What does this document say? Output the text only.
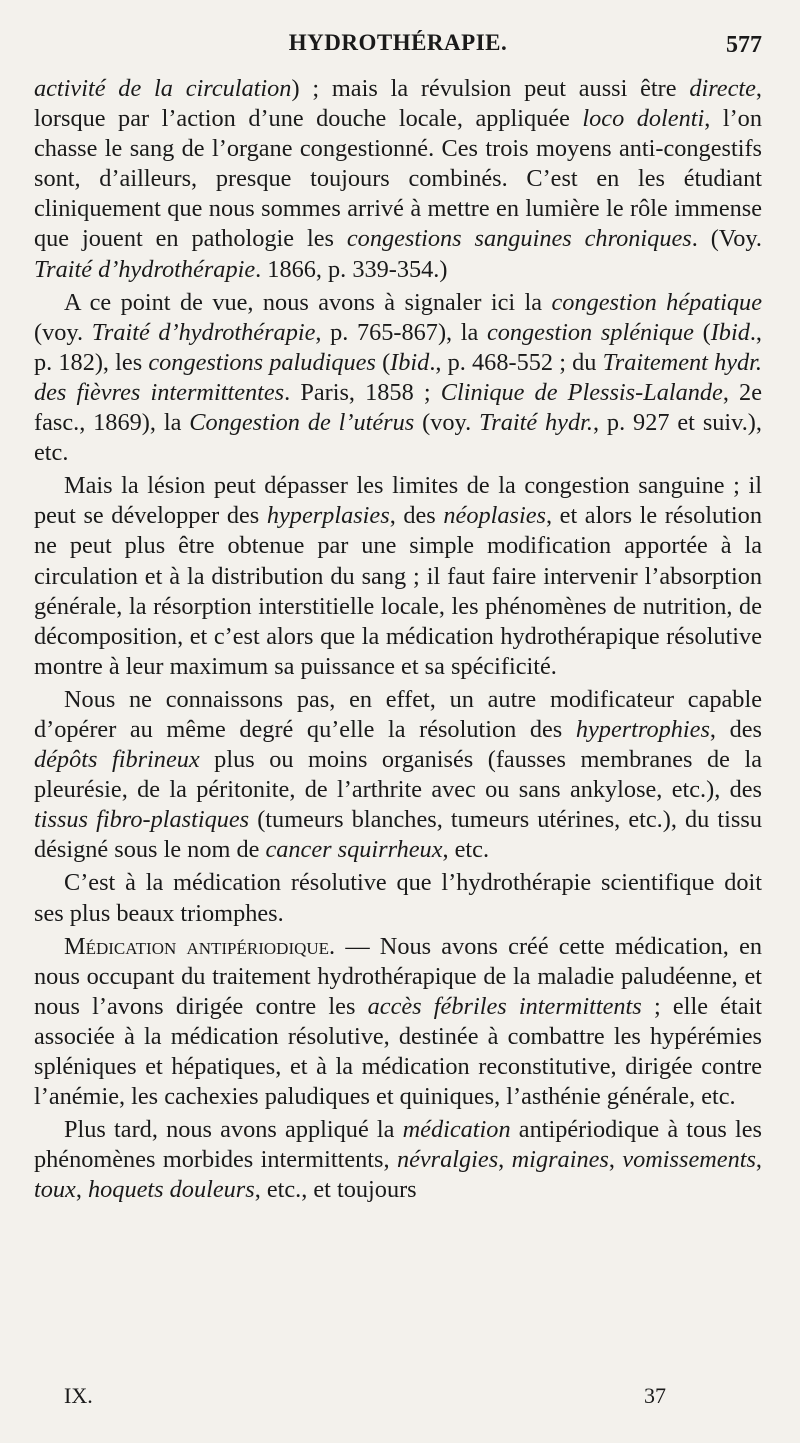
HYDROTHÉRAPIE.	577

activité de la circulation) ; mais la révulsion peut aussi être directe, lorsque par l’action d’une douche locale, appliquée loco dolenti, l’on chasse le sang de l’organe congestionné. Ces trois moyens anti-congestifs sont, d’ailleurs, presque toujours combinés. C’est en les étudiant cliniquement que nous sommes arrivé à mettre en lumière le rôle immense que jouent en pathologie les congestions sanguines chroniques. (Voy. Traité d’hydrothérapie. 1866, p. 339-354.)

A ce point de vue, nous avons à signaler ici la congestion hépatique (voy. Traité d’hydrothérapie, p. 765-867), la congestion splénique (Ibid., p. 182), les congestions paludiques (Ibid., p. 468-552 ; du Traitement hydr. des fièvres intermittentes. Paris, 1858 ; Clinique de Plessis-Lalande, 2e fasc., 1869), la Congestion de l’utérus (voy. Traité hydr., p. 927 et suiv.), etc.

Mais la lésion peut dépasser les limites de la congestion sanguine ; il peut se développer des hyperplasies, des néoplasies, et alors le résolution ne peut plus être obtenue par une simple modification apportée à la circulation et à la distribution du sang ; il faut faire intervenir l’absorption générale, la résorption interstitielle locale, les phénomènes de nutrition, de décomposition, et c’est alors que la médication hydrothérapique résolutive montre à leur maximum sa puissance et sa spécificité.

Nous ne connaissons pas, en effet, un autre modificateur capable d’opérer au même degré qu’elle la résolution des hypertrophies, des dépôts fibrineux plus ou moins organisés (fausses membranes de la pleurésie, de la péritonite, de l’arthrite avec ou sans ankylose, etc.), des tissus fibro-plastiques (tumeurs blanches, tumeurs utérines, etc.), du tissu désigné sous le nom de cancer squirrheux, etc.

C’est à la médication résolutive que l’hydrothérapie scientifique doit ses plus beaux triomphes.

Médication antipériodique. — Nous avons créé cette médication, en nous occupant du traitement hydrothérapique de la maladie paludéenne, et nous l’avons dirigée contre les accès fébriles intermittents ; elle était associée à la médication résolutive, destinée à combattre les hypérémies spléniques et hépatiques, et à la médication reconstitutive, dirigée contre l’anémie, les cachexies paludiques et quiniques, l’asthénie générale, etc.

Plus tard, nous avons appliqué la médication antipériodique à tous les phénomènes morbides intermittents, névralgies, migraines, vomissements, toux, hoquets douleurs, etc., et toujours

IX.	37
